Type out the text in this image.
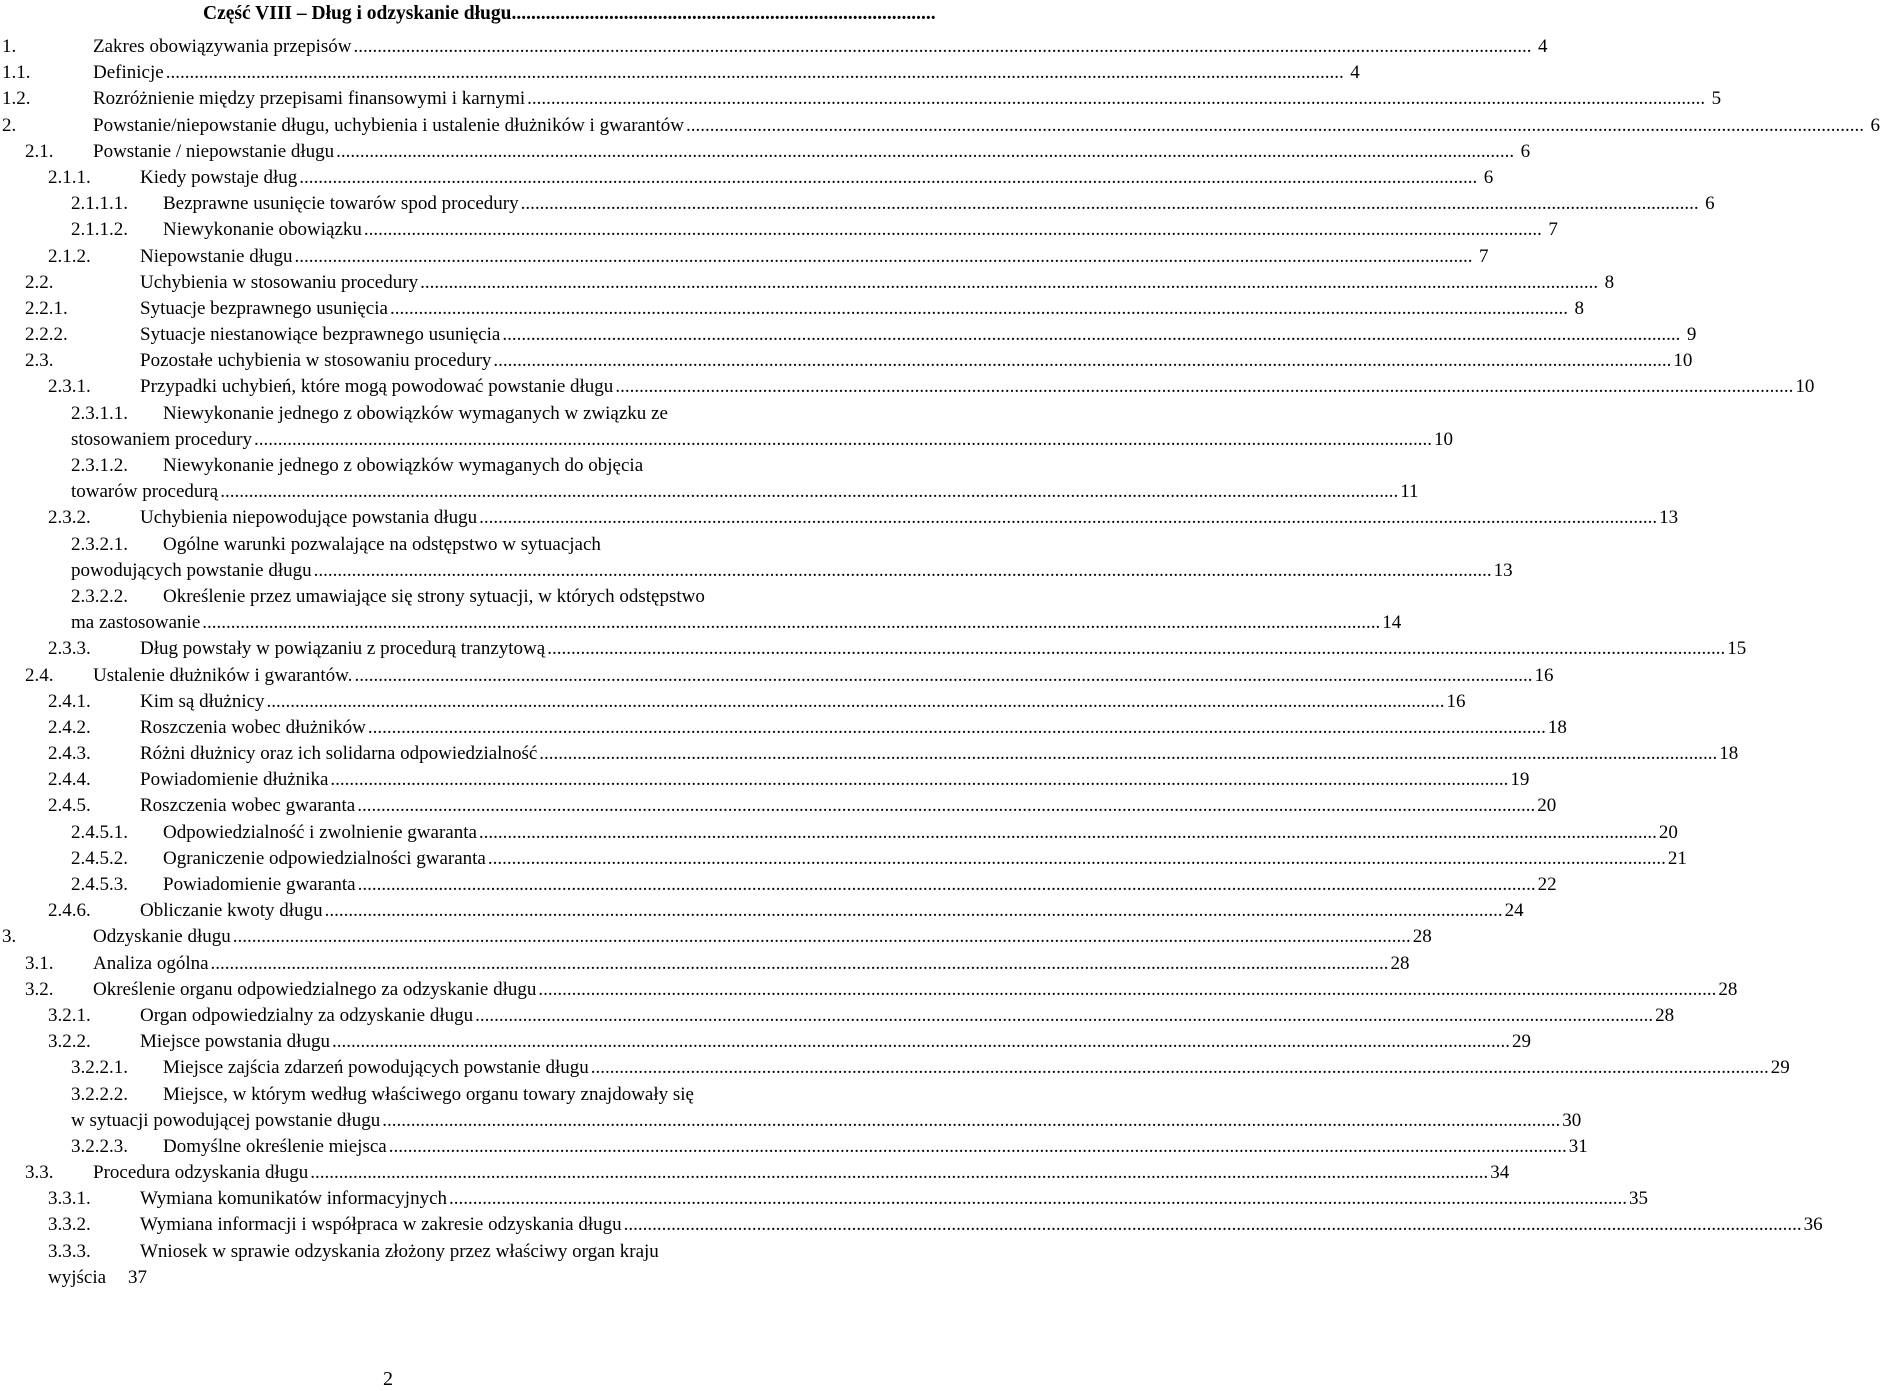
Część VIII – Dług i odzyskanie długu.......................................................................................
1.	Zakres obowiązywania przepisów .....	4
1.1.	Definicje .....	4
1.2.	Rozróżnienie między przepisami finansowymi i karnymi .....	5
2.	Powstanie/niepowstanie długu, uchybienia i ustalenie dłużników i gwarantów .....	6
2.1.	Powstanie / niepowstanie długu .....	6
2.1.1.	Kiedy powstaje dług .....	6
2.1.1.1.	Bezprawne usunięcie towarów spod procedury .....	6
2.1.1.2.	Niewykonanie obowiązku .....	7
2.1.2.	Niepowstanie długu .....	7
2.2.	Uchybienia w stosowaniu procedury .....	8
2.2.1.	Sytuacje bezprawnego usunięcia .....	8
2.2.2.	Sytuacje niestanowiące bezprawnego usunięcia .....	9
2.3.	Pozostałe uchybienia w stosowaniu procedury .....	10
2.3.1.	Przypadki uchybień, które mogą powodować powstanie długu .....	10
2.3.1.1.	Niewykonanie jednego z obowiązków wymaganych w związku ze
stosowaniem procedury .....	10
2.3.1.2.	Niewykonanie jednego z obowiązków wymaganych do objęcia
towarów procedurą .....	11
2.3.2.	Uchybienia niepowodujące powstania długu .....	13
2.3.2.1.	Ogólne warunki pozwalające na odstępstwo w sytuacjach
powodujących powstanie długu .....	13
2.3.2.2.	Określenie przez umawiające się strony sytuacji, w których odstępstwo
ma zastosowanie .....	14
2.3.3.	Dług powstały w powiązaniu z procedurą tranzytową .....	15
2.4.	Ustalenie dłużników i gwarantów. .....	16
2.4.1.	Kim są dłużnicy .....	16
2.4.2.	Roszczenia wobec dłużników .....	18
2.4.3.	Różni dłużnicy oraz ich solidarna odpowiedzialność .....	18
2.4.4.	Powiadomienie dłużnika .....	19
2.4.5.	Roszczenia wobec gwaranta .....	20
2.4.5.1.	Odpowiedzialność i zwolnienie gwaranta .....	20
2.4.5.2.	Ograniczenie odpowiedzialności gwaranta .....	21
2.4.5.3.	Powiadomienie gwaranta .....	22
2.4.6.	Obliczanie kwoty długu .....	24
3.	Odzyskanie długu .....	28
3.1.	Analiza ogólna .....	28
3.2.	Określenie organu odpowiedzialnego za odzyskanie długu .....	28
3.2.1.	Organ odpowiedzialny za odzyskanie długu .....	28
3.2.2.	Miejsce powstania długu .....	29
3.2.2.1.	Miejsce zajścia zdarzeń powodujących powstanie długu .....	29
3.2.2.2.	Miejsce, w którym według właściwego organu towary znajdowały się
w sytuacji powodującej powstanie długu .....	30
3.2.2.3.	Domyślne określenie miejsca .....	31
3.3.	Procedura odzyskania długu .....	34
3.3.1.	Wymiana komunikatów informacyjnych .....	35
3.3.2.	Wymiana informacji i współpraca w zakresie odzyskania długu .....	36
3.3.3.	Wniosek w sprawie odzyskania złożony przez właściwy organ kraju
wyjścia 37
2
